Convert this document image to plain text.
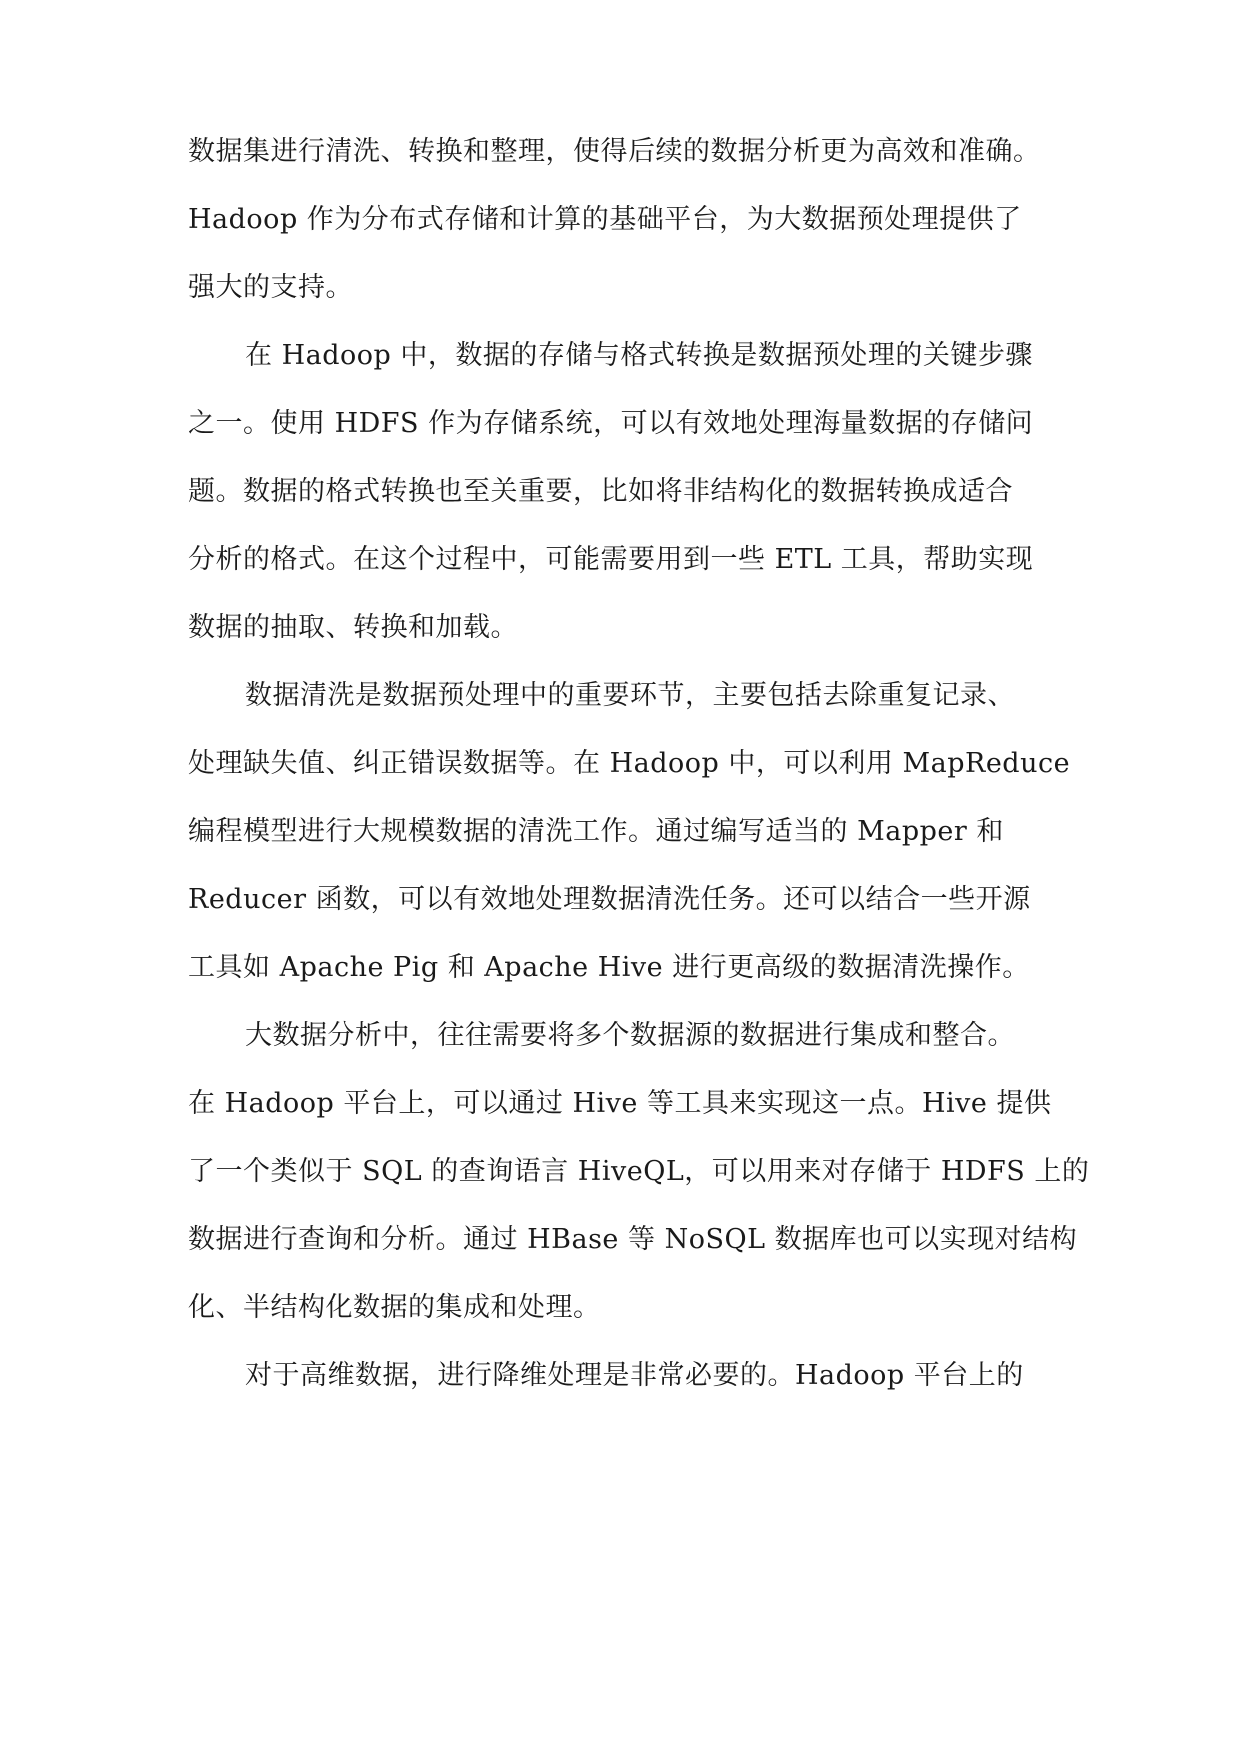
数据集进行清洗、转换和整理，使得后续的数据分析更为高效和准确。
Hadoop 作为分布式存储和计算的基础平台，为大数据预处理提供了
强大的支持。
在 Hadoop 中，数据的存储与格式转换是数据预处理的关键步骤
之一。使用 HDFS 作为存储系统，可以有效地处理海量数据的存储问
题。数据的格式转换也至关重要，比如将非结构化的数据转换成适合
分析的格式。在这个过程中，可能需要用到一些 ETL 工具，帮助实现
数据的抽取、转换和加载。
数据清洗是数据预处理中的重要环节，主要包括去除重复记录、
处理缺失值、纠正错误数据等。在 Hadoop 中，可以利用 MapReduce
编程模型进行大规模数据的清洗工作。通过编写适当的 Mapper 和
Reducer 函数，可以有效地处理数据清洗任务。还可以结合一些开源
工具如 Apache Pig 和 Apache Hive 进行更高级的数据清洗操作。
大数据分析中，往往需要将多个数据源的数据进行集成和整合。
在 Hadoop 平台上，可以通过 Hive 等工具来实现这一点。Hive 提供
了一个类似于 SQL 的查询语言 HiveQL，可以用来对存储于 HDFS 上的
数据进行查询和分析。通过 HBase 等 NoSQL 数据库也可以实现对结构
化、半结构化数据的集成和处理。
对于高维数据，进行降维处理是非常必要的。Hadoop 平台上的
